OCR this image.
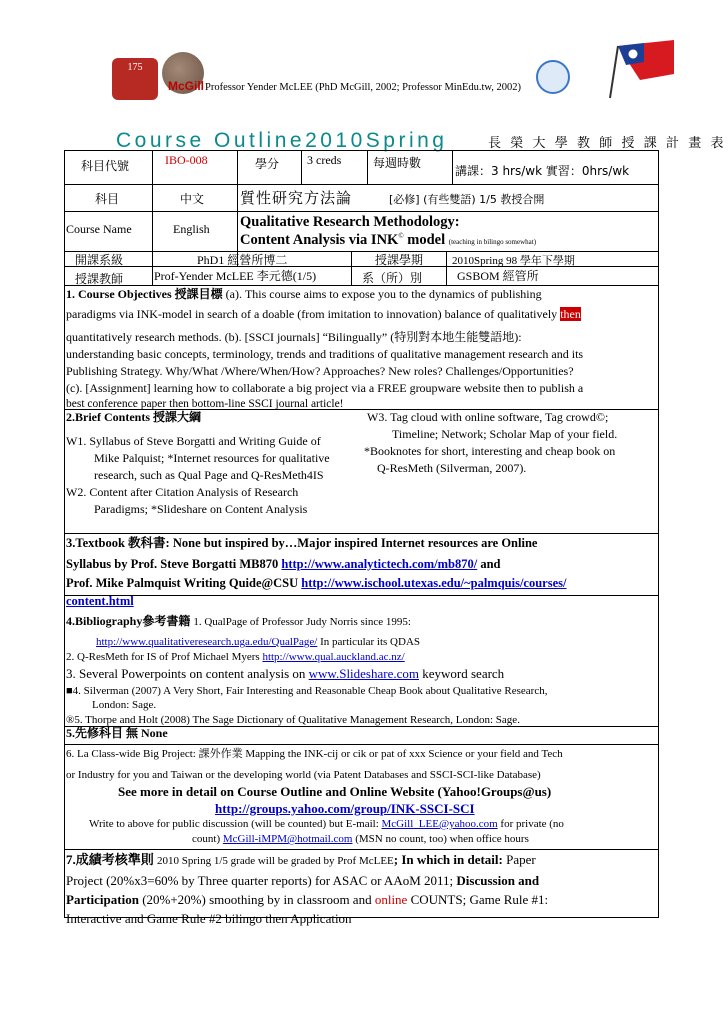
175
McGill Professor Yender McLEE (PhD McGill, 2002; Professor MinEdu.tw, 2002)
Course Outline2010Spring	長 榮 大 學 教 師 授 課 計 畫 表
科目代號	IBO-008	學分 3 creds	每週時數
講課：3 hrs/wk 實習：0hrs/wk
科目	中文 質性研究方法論	[必修] (有些雙語) 1/5 教授合開
Course Name	English Qualitative Research Methodology:
Content Analysis via INK© model (teaching in bilingo somewhat)
開課系級	PhD1 經營所博二	授課學期	2010Spring 98 學年下學期
授課教師	Prof-Yender McLEE 李元德(1/5)	系（所）別	GSBOM 經管所
1. Course Objectives 授課目標 (a). This course aims to expose you to the dynamics of publishing
paradigms via INK-model in search of a doable (from imitation to innovation) balance of qualitatively then
quantitatively research methods. (b). [SSCI journals] “Bilingually” (特別對本地生能雙語地):
understanding basic concepts, terminology, trends and traditions of qualitative management research and its
Publishing Strategy. Why/What /Where/When/How? Approaches? New roles? Challenges/Opportunities?
(c). [Assignment] learning how to collaborate a big project via a FREE groupware website then to publish a
best conference paper then bottom-line SSCI journal article!
2.Brief Contents 授課大綱
W1. Syllabus of Steve Borgatti and Writing Guide of
Mike Palquist; *Internet resources for qualitative
research, such as Qual Page and Q-ResMeth4IS
W2. Content after Citation Analysis of Research
Paradigms; *Slideshare on Content Analysis
W3. Tag cloud with online software, Tag crowd©;
Timeline; Network; Scholar Map of your field.
*Booknotes for short, interesting and cheap book on
Q-ResMeth (Silverman, 2007).
3.Textbook 教科書: None but inspired by…Major inspired Internet resources are Online
Syllabus by Prof. Steve Borgatti MB870 http://www.analytictech.com/mb870/ and
Prof. Mike Palmquist Writing Quide@CSU http://www.ischool.utexas.edu/~palmquis/courses/
content.html
4.Bibliography參考書籍 1. QualPage of Professor Judy Norris since 1995:
http://www.qualitativeresearch.uga.edu/QualPage/ In particular its QDAS
2. Q-ResMeth for IS of Prof Michael Myers http://www.qual.auckland.ac.nz/
3. Several Powerpoints on content analysis on www.Slideshare.com keyword search
■4. Silverman (2007) A Very Short, Fair Interesting and Reasonable Cheap Book about Qualitative Research,
London: Sage.
®5. Thorpe and Holt (2008) The Sage Dictionary of Qualitative Management Research, London: Sage.
5.先修科目 無 None
6. La Class-wide Big Project: 課外作業 Mapping the INK-cij or cik or pat of xxx Science or your field and Tech
or Industry for you and Taiwan or the developing world (via Patent Databases and SSCI-SCI-like Database)
See more in detail on Course Outline and Online Website (Yahoo!Groups@us)
http://groups.yahoo.com/group/INK-SSCI-SCI
Write to above for public discussion (will be counted) but E-mail: McGill_LEE@yahoo.com for private (no
count) McGill-iMPM@hotmail.com (MSN no count, too) when office hours
7.成績考核準則 2010 Spring 1/5 grade will be graded by Prof McLEE; In which in detail: Paper
Project (20%x3=60% by Three quarter reports) for ASAC or AAoM 2011; Discussion and
Participation (20%+20%) smoothing by in classroom and online COUNTS; Game Rule #1:
Interactive and Game Rule #2 bilingo then Application
